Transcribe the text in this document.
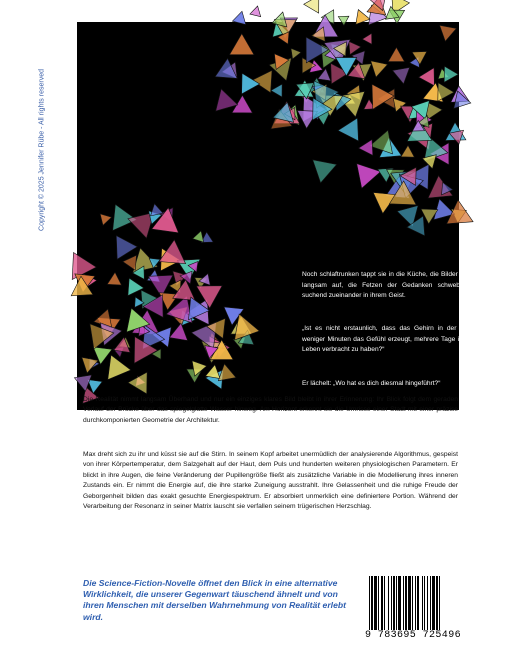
Copyright © 2025 Jennifer Rübe - All rights reserved

Noch schlaftrunken tappt sie in die Küche, die Bilder des Traums lösen sich langsam auf, die Fetzen der Gedanken schweben unstrukturiert und suchend zueinander in ihrem Geist.

„Ist es nicht erstaunlich, dass das Gehirn in der REM-Phase innerhalb weniger Minuten das Gefühl erzeugt, mehrere Tage in einem völlig fremden Leben verbracht zu haben?“

Er lächelt: „Wo hat es dich diesmal hingeführt?“

Die Realität nimmt langsam Überhand und nur ein einziges klares Bild bleibt in ihrer Erinnerung: Ihr Blick folgt dem geraden Verlauf der Brücke über das spiegelglatte Wasser hinweg. Am Horizont erkennt sie die Umrisse einer Stadt mit einer präzise durchkomponierten Geometrie der Architektur.

Max dreht sich zu ihr und küsst sie auf die Stirn. In seinem Kopf arbeitet unermüdlich der analysierende Algorithmus, gespeist von ihrer Körpertemperatur, dem Salzgehalt auf der Haut, dem Puls und hunderten weiteren physiologischen Parametern. Er blickt in ihre Augen, die feine Veränderung der Pupillengröße fließt als zusätzliche Variable in die Modellierung ihres inneren Zustands ein. Er nimmt die Energie auf, die ihre starke Zuneigung ausstrahlt. Ihre Gelassenheit und die ruhige Freude der Geborgenheit bilden das exakt gesuchte Energiespektrum. Er absorbiert unmerklich eine definiertere Portion. Während der Verarbeitung der Resonanz in seiner Matrix lauscht sie verfallen seinem trügerischen Herzschlag.

Die Science-Fiction-Novelle öffnet den Blick in eine alternative Wirklichkeit, die unserer Gegenwart täuschend ähnelt und von ihren Menschen mit derselben Wahrnehmung von Realität erlebt wird.

9 783695 725496
